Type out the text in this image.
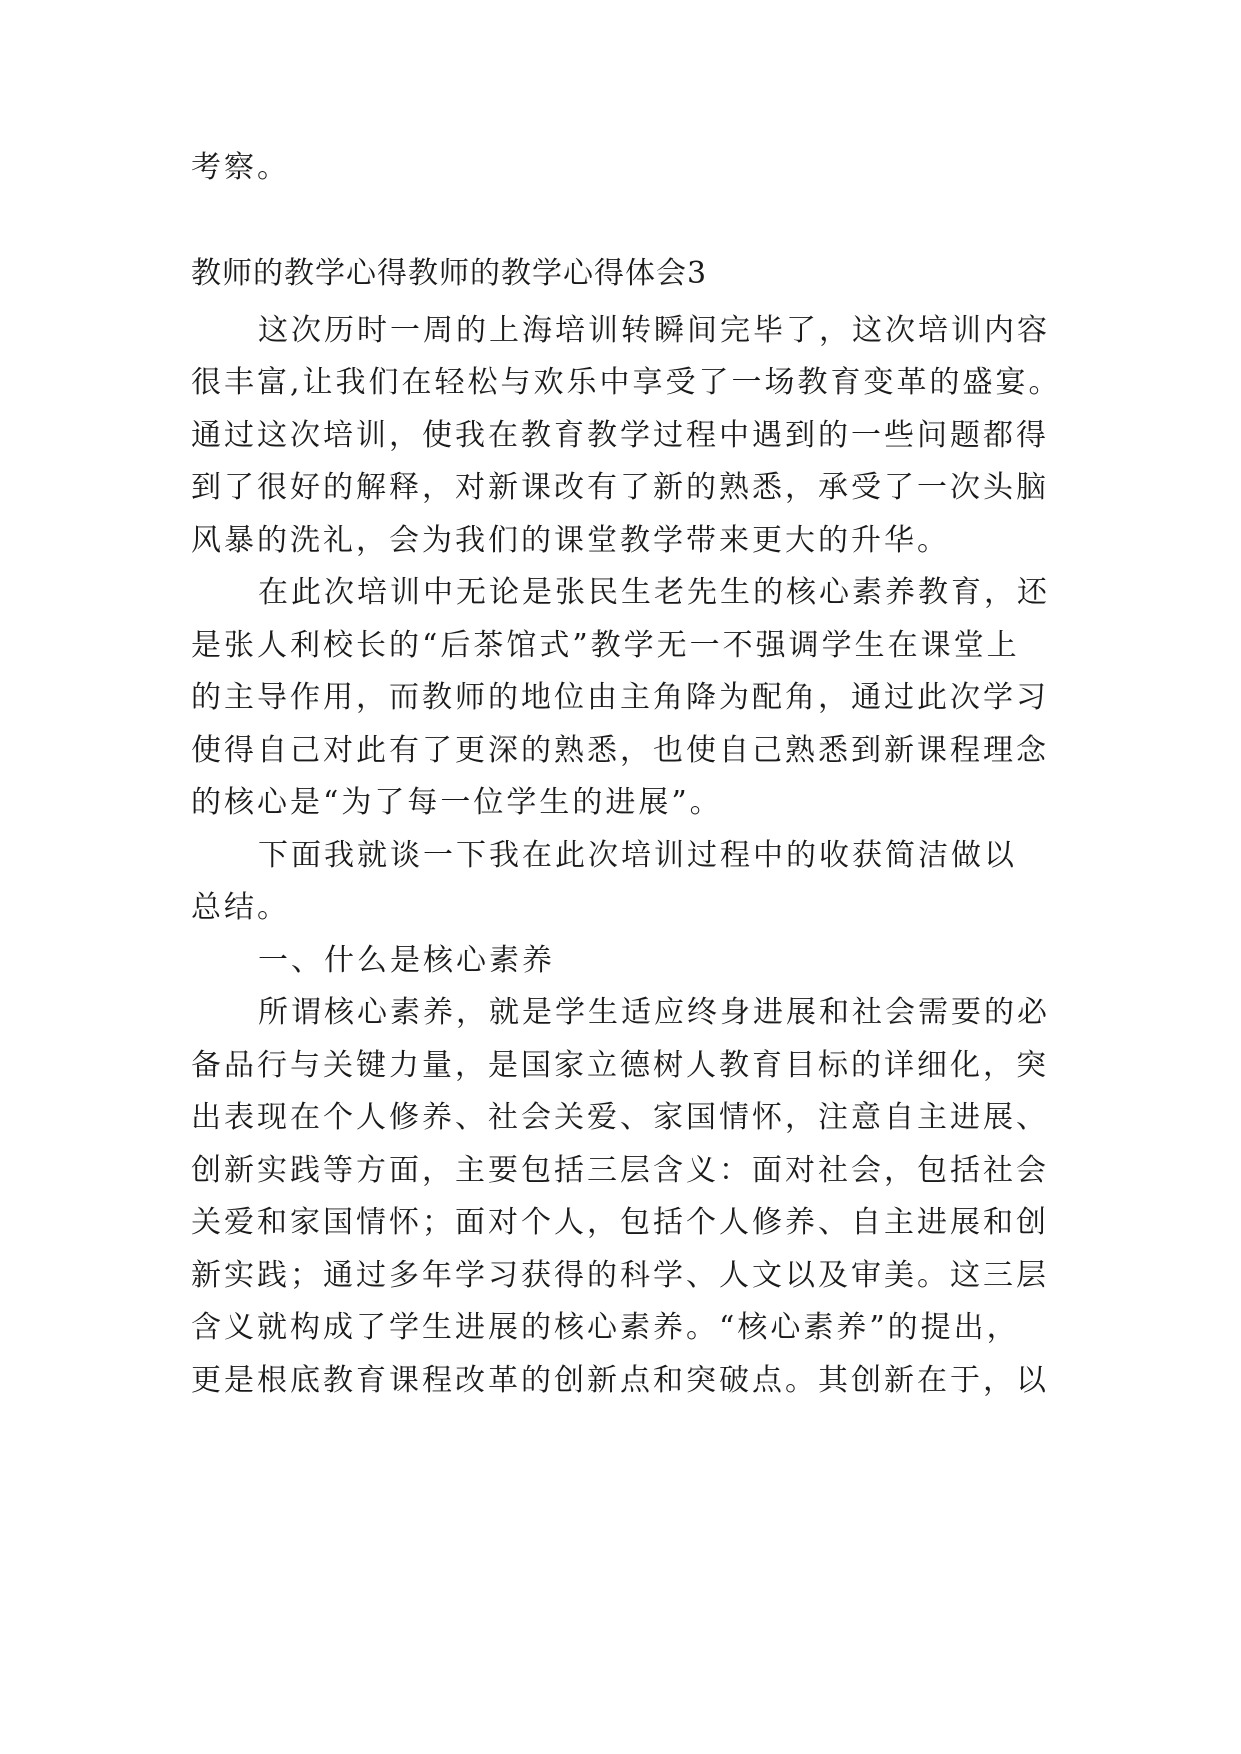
考察。
教师的教学心得教师的教学心得体会3
这次历时一周的上海培训转瞬间完毕了，这次培训内容
很丰富,让我们在轻松与欢乐中享受了一场教育变革的盛宴。
通过这次培训，使我在教育教学过程中遇到的一些问题都得
到了很好的解释，对新课改有了新的熟悉，承受了一次头脑
风暴的洗礼，会为我们的课堂教学带来更大的升华。
在此次培训中无论是张民生老先生的核心素养教育，还
是张人利校长的“后茶馆式”教学无一不强调学生在课堂上
的主导作用，而教师的地位由主角降为配角，通过此次学习
使得自己对此有了更深的熟悉，也使自己熟悉到新课程理念
的核心是“为了每一位学生的进展”。
下面我就谈一下我在此次培训过程中的收获简洁做以
总结。
一、什么是核心素养
所谓核心素养，就是学生适应终身进展和社会需要的必
备品行与关键力量，是国家立德树人教育目标的详细化，突
出表现在个人修养、社会关爱、家国情怀，注意自主进展、
创新实践等方面，主要包括三层含义：面对社会，包括社会
关爱和家国情怀；面对个人，包括个人修养、自主进展和创
新实践；通过多年学习获得的科学、人文以及审美。这三层
含义就构成了学生进展的核心素养。“核心素养”的提出，
更是根底教育课程改革的创新点和突破点。其创新在于，以
